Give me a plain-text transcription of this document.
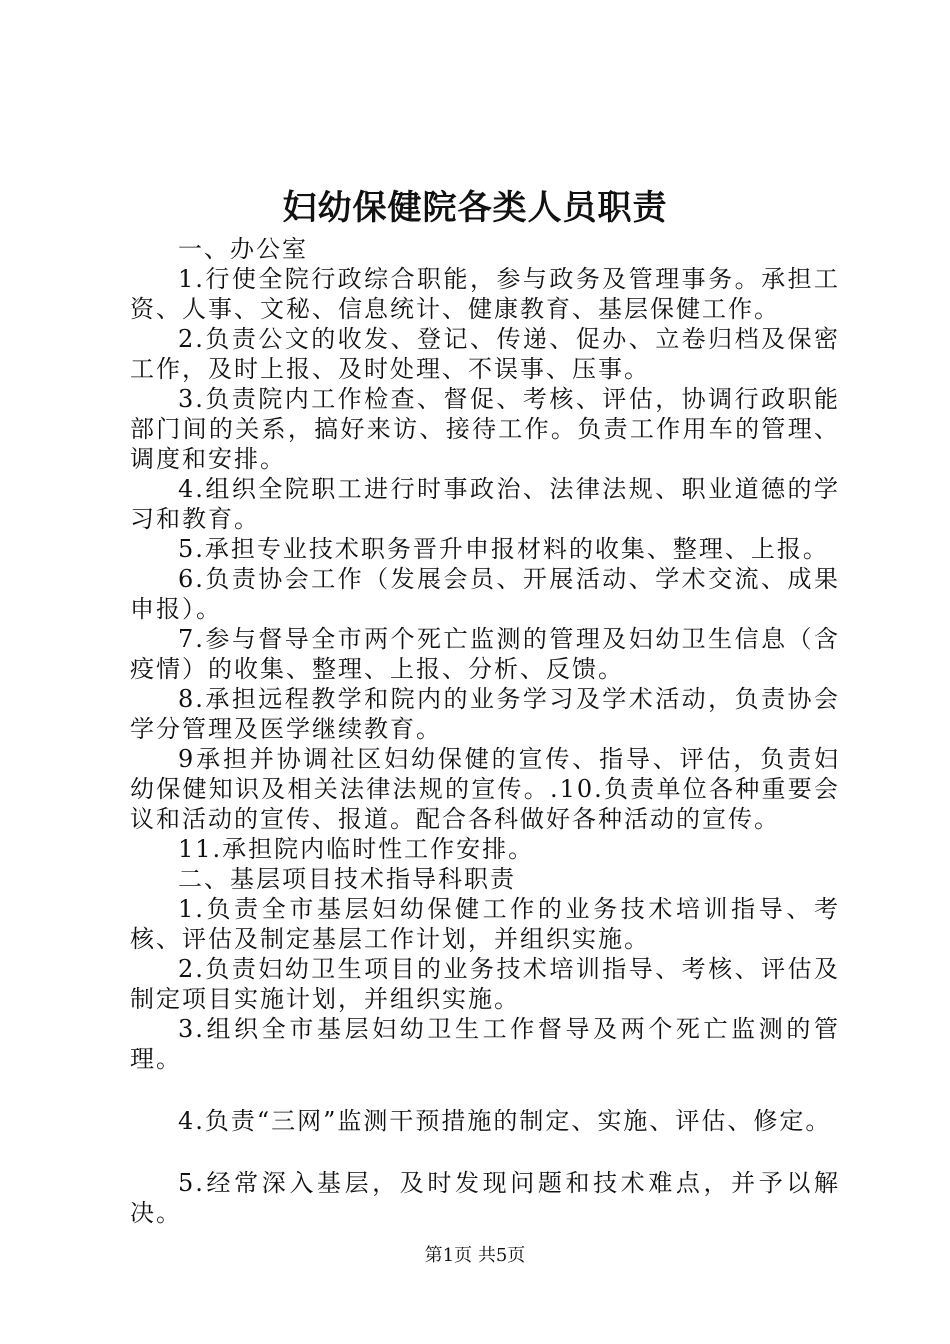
妇幼保健院各类人员职责

一、办公室

1.行使全院行政综合职能，参与政务及管理事务。承担工资、人事、文秘、信息统计、健康教育、基层保健工作。

2.负责公文的收发、登记、传递、促办、立卷归档及保密工作，及时上报、及时处理、不误事、压事。

3.负责院内工作检查、督促、考核、评估，协调行政职能部门间的关系，搞好来访、接待工作。负责工作用车的管理、调度和安排。

4.组织全院职工进行时事政治、法律法规、职业道德的学习和教育。

5.承担专业技术职务晋升申报材料的收集、整理、上报。

6.负责协会工作（发展会员、开展活动、学术交流、成果申报）。

7.参与督导全市两个死亡监测的管理及妇幼卫生信息（含疫情）的收集、整理、上报、分析、反馈。

8.承担远程教学和院内的业务学习及学术活动，负责协会学分管理及医学继续教育。

9承担并协调社区妇幼保健的宣传、指导、评估，负责妇幼保健知识及相关法律法规的宣传。.10.负责单位各种重要会议和活动的宣传、报道。配合各科做好各种活动的宣传。

11.承担院内临时性工作安排。

二、基层项目技术指导科职责

1.负责全市基层妇幼保健工作的业务技术培训指导、考核、评估及制定基层工作计划，并组织实施。

2.负责妇幼卫生项目的业务技术培训指导、考核、评估及制定项目实施计划，并组织实施。

3.组织全市基层妇幼卫生工作督导及两个死亡监测的管理。

4.负责“三网”监测干预措施的制定、实施、评估、修定。

5.经常深入基层，及时发现问题和技术难点，并予以解决。

第1页 共5页
